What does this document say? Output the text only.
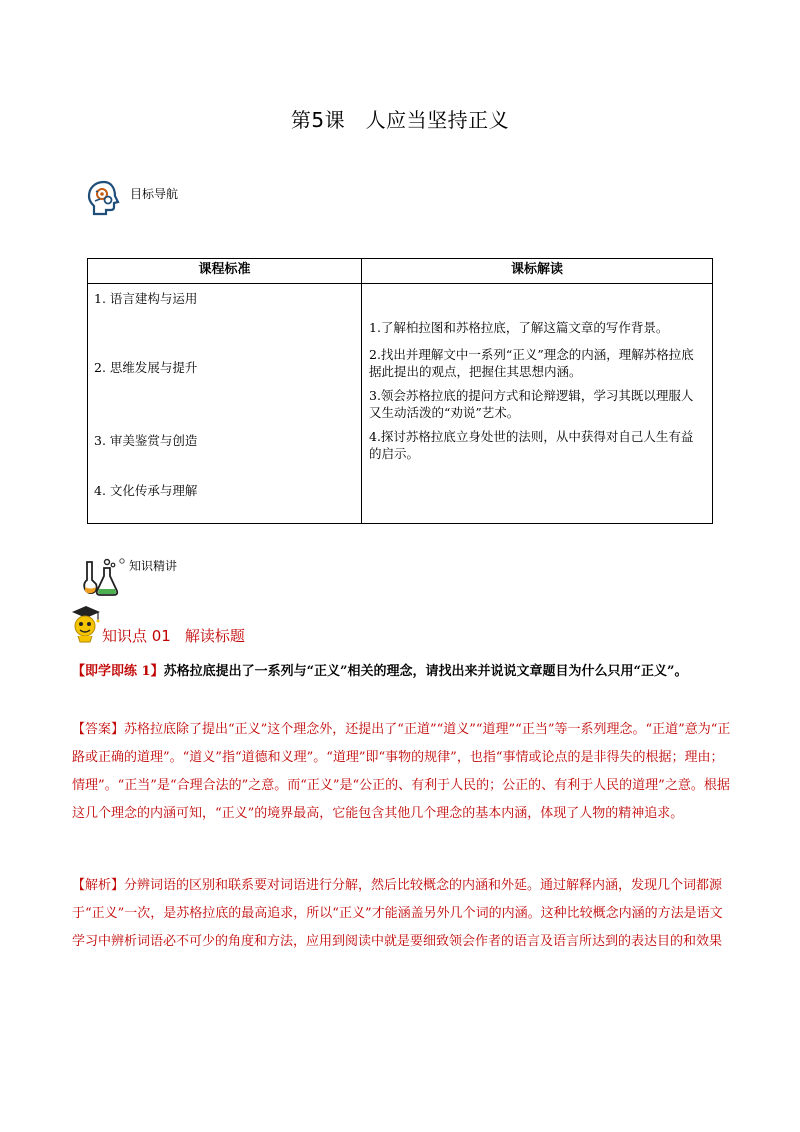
第5课　人应当坚持正义
目标导航
课程标准	课标解读
1. 语言建构与运用
2. 思维发展与提升
3. 审美鉴赏与创造
4. 文化传承与理解
1.了解柏拉图和苏格拉底，了解这篇文章的写作背景。
2.找出并理解文中一系列“正义”理念的内涵，理解苏格拉底据此提出的观点，把握住其思想内涵。
3.领会苏格拉底的提问方式和论辩逻辑，学习其既以理服人又生动活泼的“劝说”艺术。
4.探讨苏格拉底立身处世的法则，从中获得对自己人生有益的启示。
知识精讲
知识点 01 解读标题
【即学即练 1】苏格拉底提出了一系列与“正义”相关的理念，请找出来并说说文章题目为什么只用“正义”。
【答案】苏格拉底除了提出“正义”这个理念外，还提出了“正道”“道义”“道理”“正当”等一系列理念。“正道”意为“正路或正确的道理”。“道义”指“道德和义理”。“道理”即“事物的规律”，也指“事情或论点的是非得失的根据；理由；情理”。“正当”是“合理合法的”之意。而“正义”是“公正的、有利于人民的；公正的、有利于人民的道理”之意。根据这几个理念的内涵可知，“正义”的境界最高，它能包含其他几个理念的基本内涵，体现了人物的精神追求。
【解析】分辨词语的区别和联系要对词语进行分解，然后比较概念的内涵和外延。通过解释内涵，发现几个词都源于“正义”一次，是苏格拉底的最高追求，所以“正义”才能涵盖另外几个词的内涵。这种比较概念内涵的方法是语文学习中辨析词语必不可少的角度和方法，应用到阅读中就是要细致领会作者的语言及语言所达到的表达目的和效果
